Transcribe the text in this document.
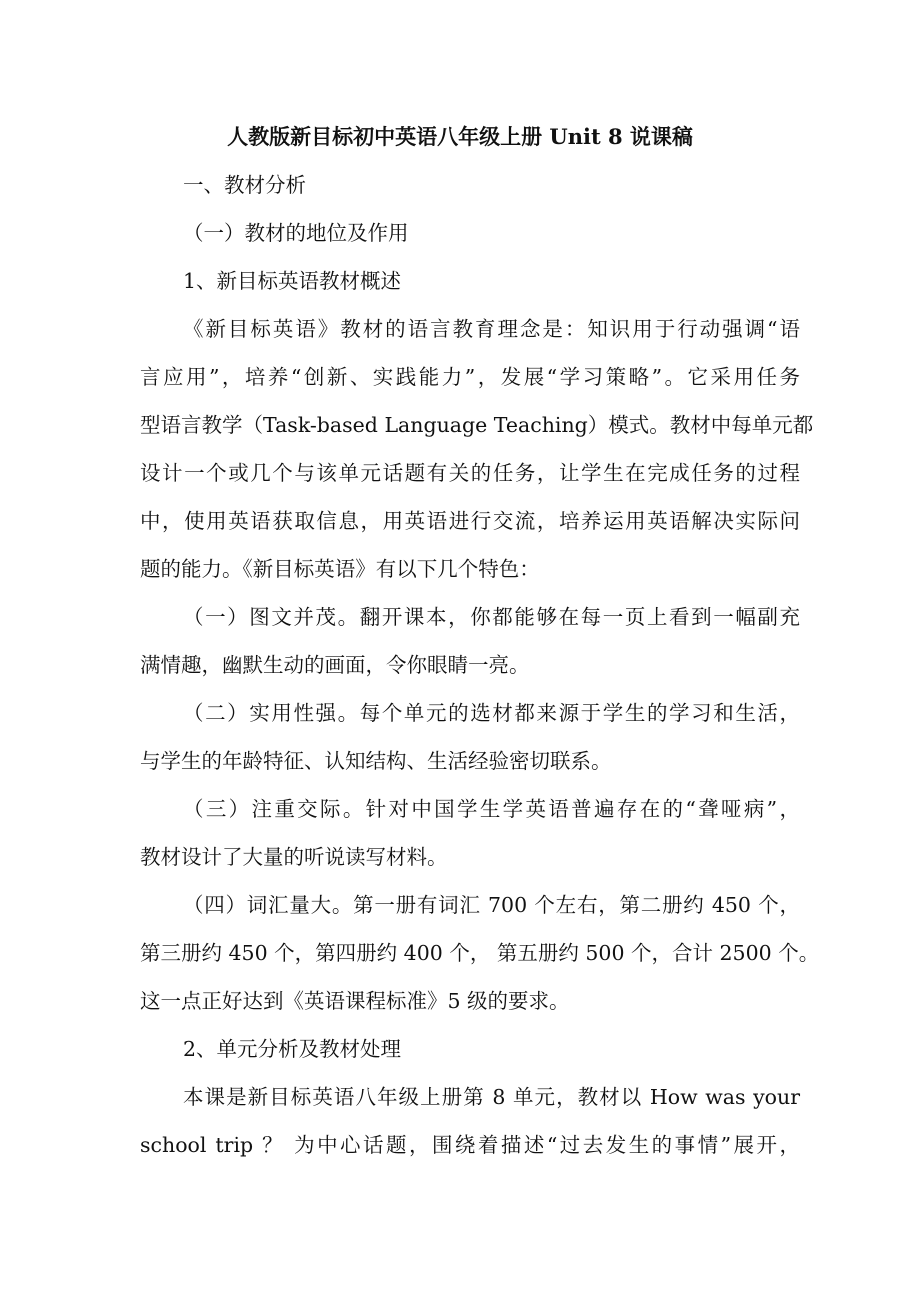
人教版新目标初中英语八年级上册 Unit 8 说课稿
一、教材分析
（一）教材的地位及作用
1、新目标英语教材概述
《新目标英语》教材的语言教育理念是：知识用于行动强调“语
言应用”，培养“创新、实践能力”，发展“学习策略”。它采用任务
型语言教学（Task-based Language Teaching）模式。教材中每单元都
设计一个或几个与该单元话题有关的任务，让学生在完成任务的过程
中，使用英语获取信息，用英语进行交流，培养运用英语解决实际问
题的能力。《新目标英语》有以下几个特色：
（一）图文并茂。翻开课本，你都能够在每一页上看到一幅副充
满情趣，幽默生动的画面，令你眼睛一亮。
（二）实用性强。每个单元的选材都来源于学生的学习和生活，
与学生的年龄特征、认知结构、生活经验密切联系。
（三）注重交际。针对中国学生学英语普遍存在的“聋哑病”，
教材设计了大量的听说读写材料。
（四）词汇量大。第一册有词汇 700 个左右，第二册约 450 个，
第三册约 450 个，第四册约 400 个， 第五册约 500 个，合计 2500 个。
这一点正好达到《英语课程标准》5 级的要求。
2、单元分析及教材处理
本课是新目标英语八年级上册第 8 单元，教材以 How was your
school trip ？ 为中心话题，围绕着描述“过去发生的事情”展开，
